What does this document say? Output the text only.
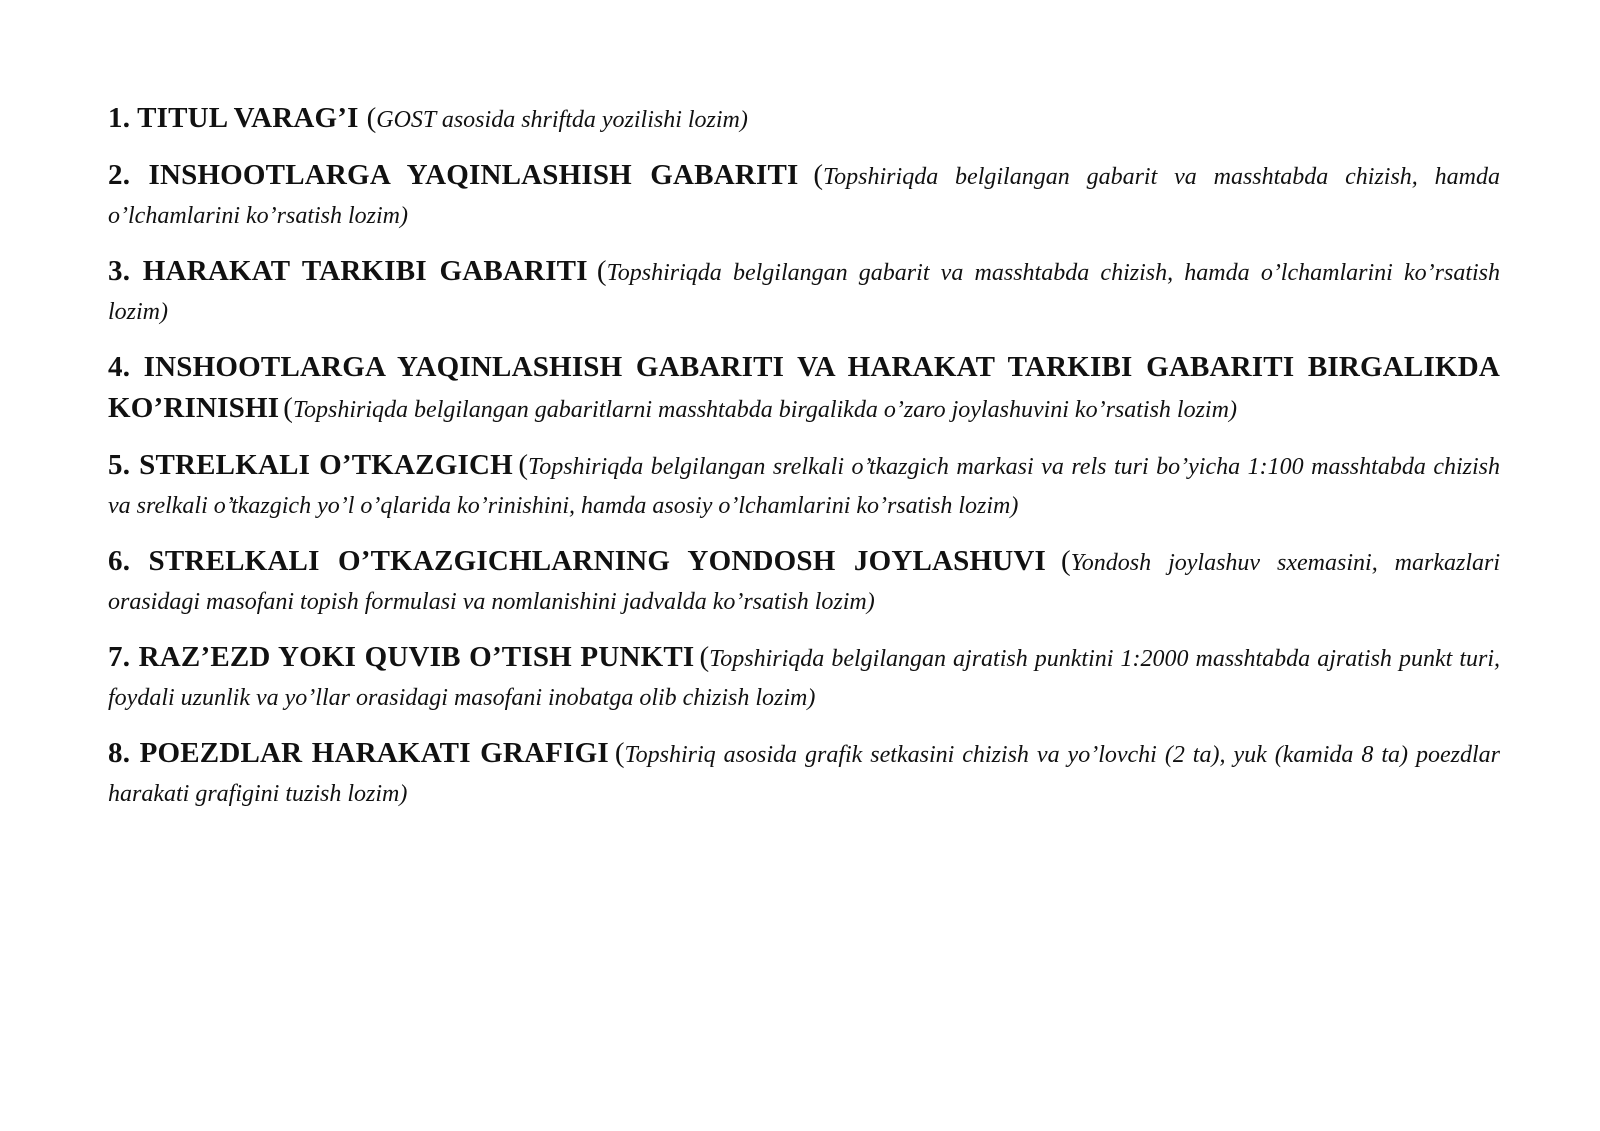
1. TITUL VARAG’I (GOST asosida shriftda yozilishi lozim)

2. INSHOOTLARGA YAQINLASHISH GABARITI (Topshiriqda belgilangan gabarit va masshtabda chizish, hamda o’lchamlarini ko’rsatish lozim)

3. HARAKAT TARKIBI GABARITI (Topshiriqda belgilangan gabarit va masshtabda chizish, hamda o’lchamlarini ko’rsatish lozim)

4. INSHOOTLARGA YAQINLASHISH GABARITI VA HARAKAT TARKIBI GABARITI BIRGALIKDA KO’RINISHI (Topshiriqda belgilangan gabaritlarni masshtabda birgalikda o’zaro joylashuvini ko’rsatish lozim)

5. STRELKALI O’TKAZGICH (Topshiriqda belgilangan srelkali o’tkazgich markasi va rels turi bo’yicha 1:100 masshtabda chizish va srelkali o’tkazgich yo’l o’qlarida ko’rinishini, hamda asosiy o’lchamlarini ko’rsatish lozim)

6. STRELKALI O’TKAZGICHLARNING YONDOSH JOYLASHUVI (Yondosh joylashuv sxemasini, markazlari orasidagi masofani topish formulasi va nomlanishini jadvalda ko’rsatish lozim)

7. RAZ’EZD YOKI QUVIB O’TISH PUNKTI (Topshiriqda belgilangan ajratish punktini 1:2000 masshtabda ajratish punkt turi, foydali uzunlik va yo’llar orasidagi masofani inobatga olib chizish lozim)

8. POEZDLAR HARAKATI GRAFIGI (Topshiriq asosida grafik setkasini chizish va yo’lovchi (2 ta), yuk (kamida 8 ta) poezdlar harakati grafigini tuzish lozim)
